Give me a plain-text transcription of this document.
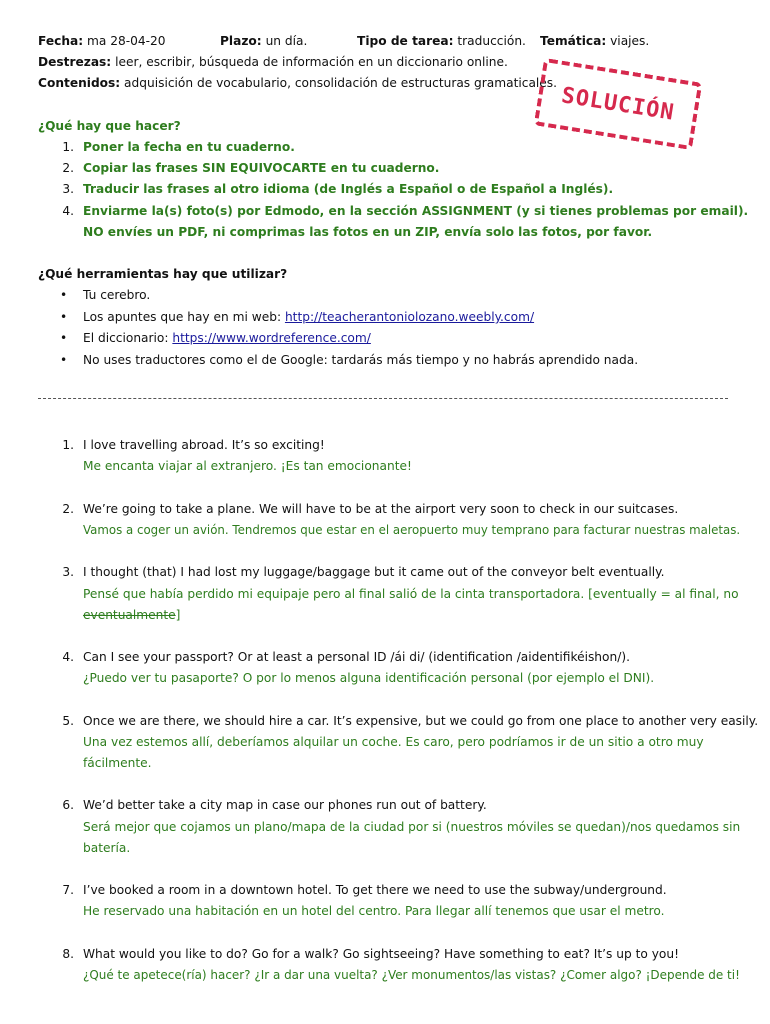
Fecha: ma 28-04-20	Plazo: un día.	Tipo de tarea: traducción. Temática: viajes.
Destrezas: leer, escribir, búsqueda de información en un diccionario online.
Contenidos: adquisición de vocabulario, consolidación de estructuras gramaticales. SOLUCIÓN
¿Qué hay que hacer?
1. Poner la fecha en tu cuaderno.
2. Copiar las frases SIN EQUIVOCARTE en tu cuaderno.
3. Traducir las frases al otro idioma (de Inglés a Español o de Español a Inglés).
4. Enviarme la(s) foto(s) por Edmodo, en la sección ASSIGNMENT (y si tienes problemas por email).
NO envíes un PDF, ni comprimas las fotos en un ZIP, envía solo las fotos, por favor.
¿Qué herramientas hay que utilizar?
• Tu cerebro.
• Los apuntes que hay en mi web: http://teacherantoniolozano.weebly.com/
• El diccionario: https://www.wordreference.com/
• No uses traductores como el de Google: tardarás más tiempo y no habrás aprendido nada.
1. I love travelling abroad. It’s so exciting!
Me encanta viajar al extranjero. ¡Es tan emocionante!
2. We’re going to take a plane. We will have to be at the airport very soon to check in our suitcases.
Vamos a coger un avión. Tendremos que estar en el aeropuerto muy temprano para facturar nuestras maletas.
3. I thought (that) I had lost my luggage/baggage but it came out of the conveyor belt eventually.
Pensé que había perdido mi equipaje pero al final salió de la cinta transportadora. [eventually = al final, no
eventualmente]
4. Can I see your passport? Or at least a personal ID /ái di/ (identification /aidentifikéishon/).
¿Puedo ver tu pasaporte? O por lo menos alguna identificación personal (por ejemplo el DNI).
5. Once we are there, we should hire a car. It’s expensive, but we could go from one place to another very easily.
Una vez estemos allí, deberíamos alquilar un coche. Es caro, pero podríamos ir de un sitio a otro muy
fácilmente.
6. We’d better take a city map in case our phones run out of battery.
Será mejor que cojamos un plano/mapa de la ciudad por si (nuestros móviles se quedan)/nos quedamos sin
batería.
7. I’ve booked a room in a downtown hotel. To get there we need to use the subway/underground.
He reservado una habitación en un hotel del centro. Para llegar allí tenemos que usar el metro.
8. What would you like to do? Go for a walk? Go sightseeing? Have something to eat? It’s up to you!
¿Qué te apetece(ría) hacer? ¿Ir a dar una vuelta? ¿Ver monumentos/las vistas? ¿Comer algo? ¡Depende de ti!
